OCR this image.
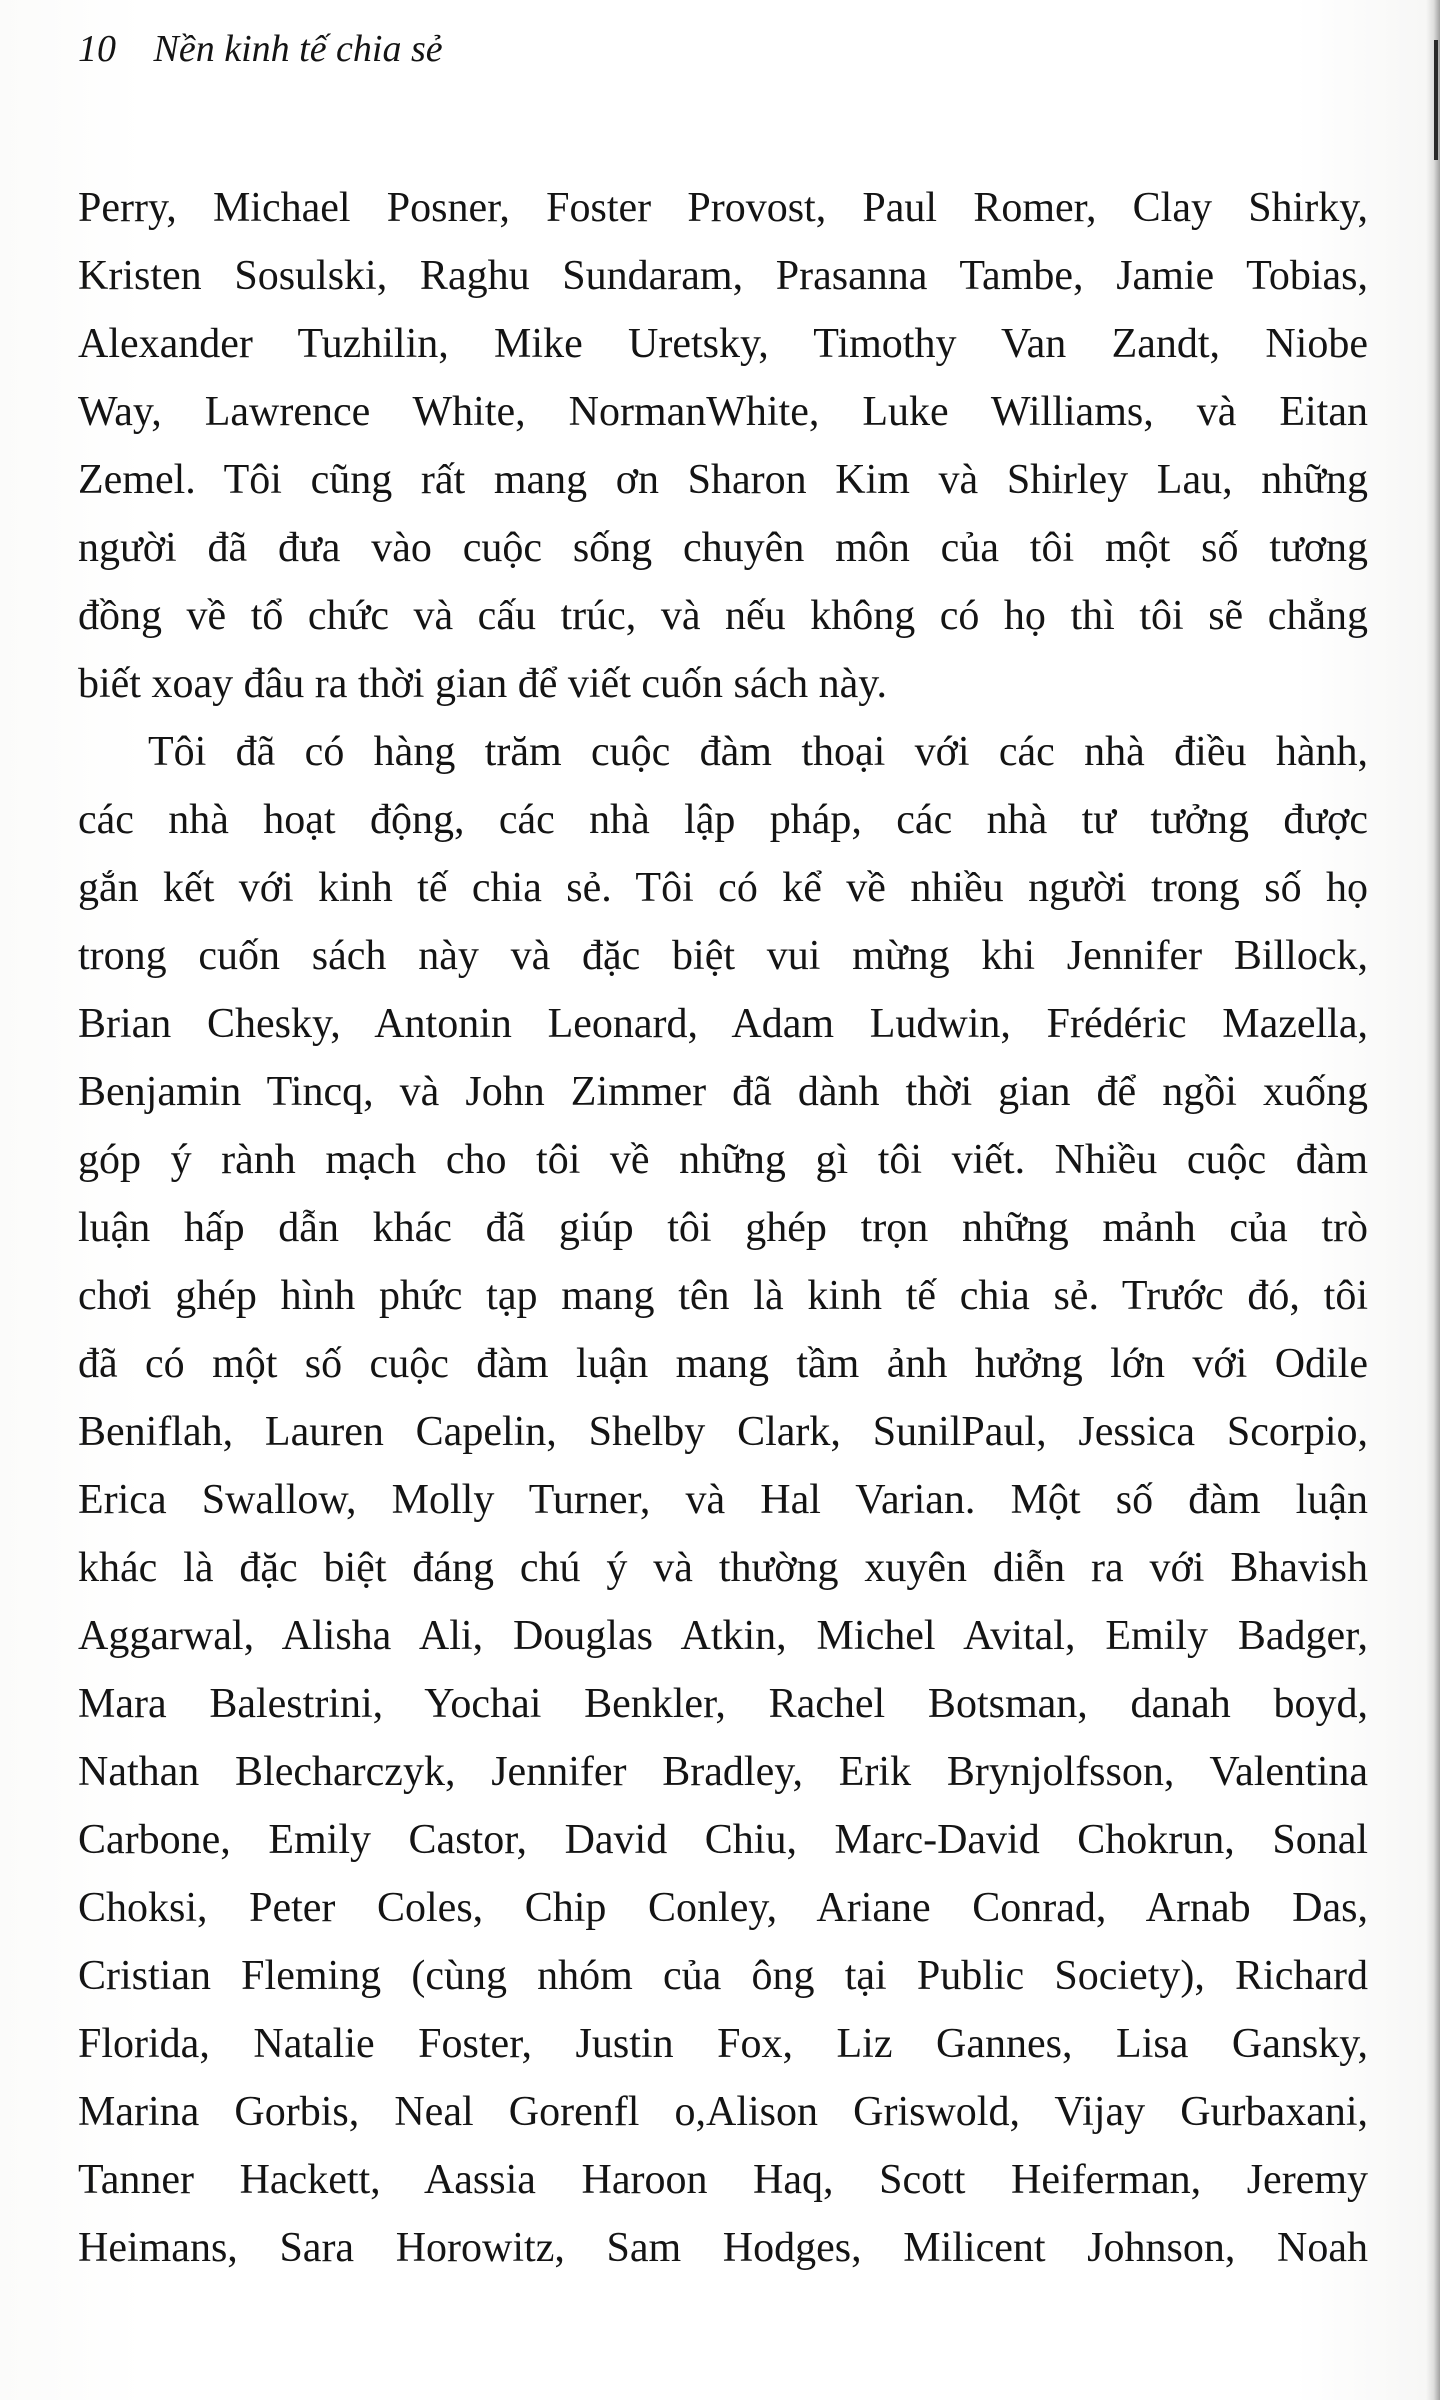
10 Nền kinh tế chia sẻ
Perry, Michael Posner, Foster Provost, Paul Romer, Clay Shirky,
Kristen Sosulski, Raghu Sundaram, Prasanna Tambe, Jamie Tobias,
Alexander Tuzhilin, Mike Uretsky, Timothy Van Zandt, Niobe
Way, Lawrence White, NormanWhite, Luke Williams, và Eitan
Zemel. Tôi cũng rất mang ơn Sharon Kim và Shirley Lau, những
người đã đưa vào cuộc sống chuyên môn của tôi một số tương
đồng về tổ chức và cấu trúc, và nếu không có họ thì tôi sẽ chẳng
biết xoay đâu ra thời gian để viết cuốn sách này.
Tôi đã có hàng trăm cuộc đàm thoại với các nhà điều hành,
các nhà hoạt động, các nhà lập pháp, các nhà tư tưởng được
gắn kết với kinh tế chia sẻ. Tôi có kể về nhiều người trong số họ
trong cuốn sách này và đặc biệt vui mừng khi Jennifer Billock,
Brian Chesky, Antonin Leonard, Adam Ludwin, Frédéric Mazella,
Benjamin Tincq, và John Zimmer đã dành thời gian để ngồi xuống
góp ý rành mạch cho tôi về những gì tôi viết. Nhiều cuộc đàm
luận hấp dẫn khác đã giúp tôi ghép trọn những mảnh của trò
chơi ghép hình phức tạp mang tên là kinh tế chia sẻ. Trước đó, tôi
đã có một số cuộc đàm luận mang tầm ảnh hưởng lớn với Odile
Beniflah, Lauren Capelin, Shelby Clark, SunilPaul, Jessica Scorpio,
Erica Swallow, Molly Turner, và Hal Varian. Một số đàm luận
khác là đặc biệt đáng chú ý và thường xuyên diễn ra với Bhavish
Aggarwal, Alisha Ali, Douglas Atkin, Michel Avital, Emily Badger,
Mara Balestrini, Yochai Benkler, Rachel Botsman, danah boyd,
Nathan Blecharczyk, Jennifer Bradley, Erik Brynjolfsson, Valentina
Carbone, Emily Castor, David Chiu, Marc-David Chokrun, Sonal
Choksi, Peter Coles, Chip Conley, Ariane Conrad, Arnab Das,
Cristian Fleming (cùng nhóm của ông tại Public Society), Richard
Florida, Natalie Foster, Justin Fox, Liz Gannes, Lisa Gansky,
Marina Gorbis, Neal Gorenfl o,Alison Griswold, Vijay Gurbaxani,
Tanner Hackett, Aassia Haroon Haq, Scott Heiferman, Jeremy
Heimans, Sara Horowitz, Sam Hodges, Milicent Johnson, Noah
